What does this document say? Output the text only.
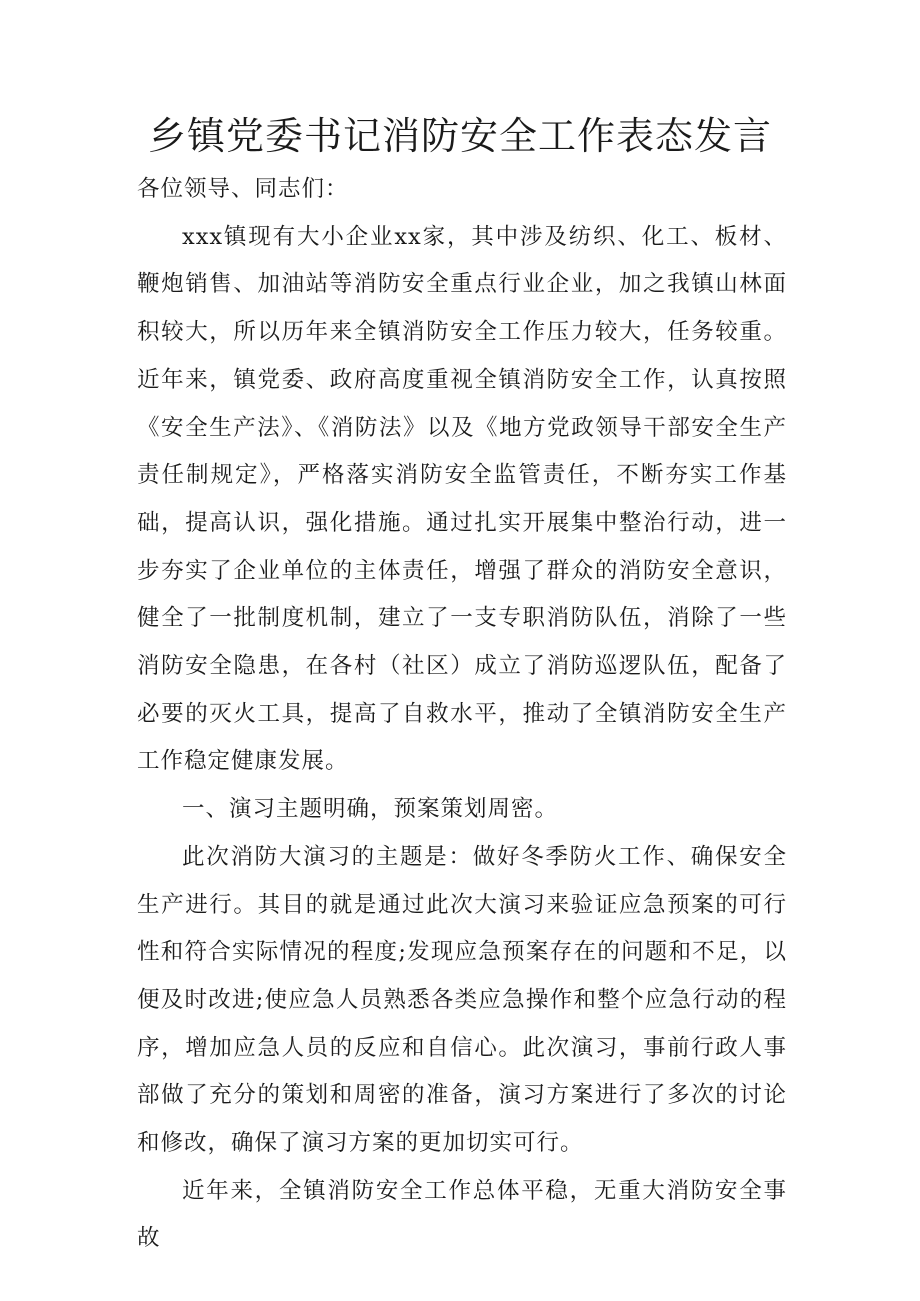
乡镇党委书记消防安全工作表态发言

各位领导、同志们：

xxx镇现有大小企业xx家，其中涉及纺织、化工、板材、鞭炮销售、加油站等消防安全重点行业企业，加之我镇山林面积较大，所以历年来全镇消防安全工作压力较大，任务较重。近年来，镇党委、政府高度重视全镇消防安全工作，认真按照《安全生产法》、《消防法》以及《地方党政领导干部安全生产责任制规定》，严格落实消防安全监管责任，不断夯实工作基础，提高认识，强化措施。通过扎实开展集中整治行动，进一步夯实了企业单位的主体责任，增强了群众的消防安全意识，健全了一批制度机制，建立了一支专职消防队伍，消除了一些消防安全隐患，在各村（社区）成立了消防巡逻队伍，配备了必要的灭火工具，提高了自救水平，推动了全镇消防安全生产工作稳定健康发展。

一、演习主题明确，预案策划周密。

此次消防大演习的主题是：做好冬季防火工作、确保安全生产进行。其目的就是通过此次大演习来验证应急预案的可行性和符合实际情况的程度;发现应急预案存在的问题和不足，以便及时改进;使应急人员熟悉各类应急操作和整个应急行动的程序，增加应急人员的反应和自信心。此次演习，事前行政人事部做了充分的策划和周密的准备，演习方案进行了多次的讨论和修改，确保了演习方案的更加切实可行。

近年来，全镇消防安全工作总体平稳，无重大消防安全事故
